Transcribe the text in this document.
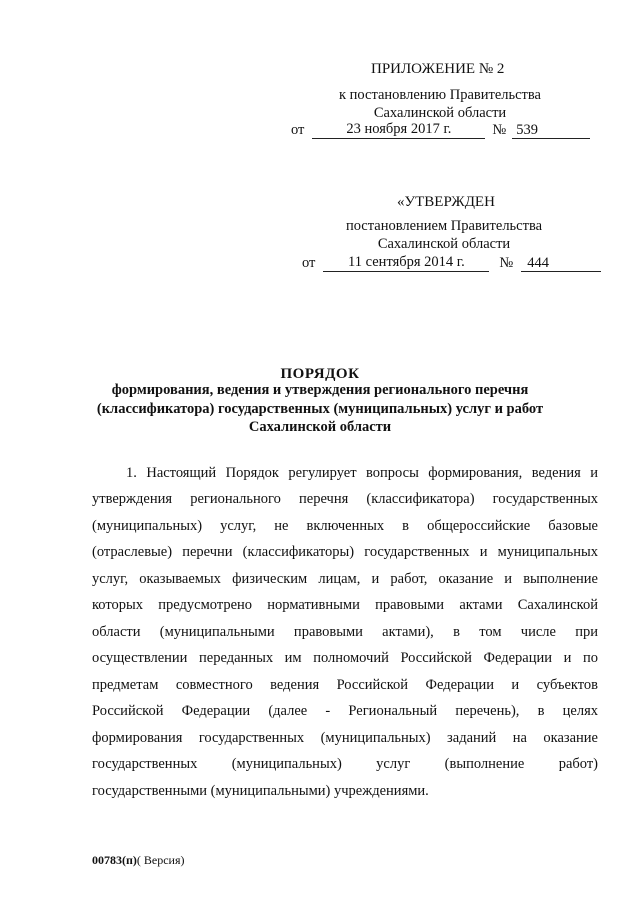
ПРИЛОЖЕНИЕ № 2
к постановлению Правительства
Сахалинской области
от	23 ноября 2017 г.	№ 539
«УТВЕРЖДЕН
постановлением Правительства
Сахалинской области
от	11 сентября 2014 г.	№ 444
ПОРЯДОК
формирования, ведения и утверждения регионального перечня
(классификатора) государственных (муниципальных) услуг и работ
Сахалинской области
1. Настоящий Порядок регулирует вопросы формирования, ведения и
утверждения регионального перечня (классификатора) государственных
(муниципальных) услуг, не включенных в общероссийские базовые
(отраслевые) перечни (классификаторы) государственных и муниципальных
услуг, оказываемых физическим лицам, и работ, оказание и выполнение
которых предусмотрено нормативными правовыми актами Сахалинской
области (муниципальными правовыми актами), в том числе при
осуществлении переданных им полномочий Российской Федерации и по
предметам совместного ведения Российской Федерации и субъектов
Российской Федерации (далее - Региональный перечень), в целях
формирования государственных (муниципальных) заданий на оказание
государственных (муниципальных) услуг (выполнение работ)
государственными (муниципальными) учреждениями.
00783(п)( Версия)
